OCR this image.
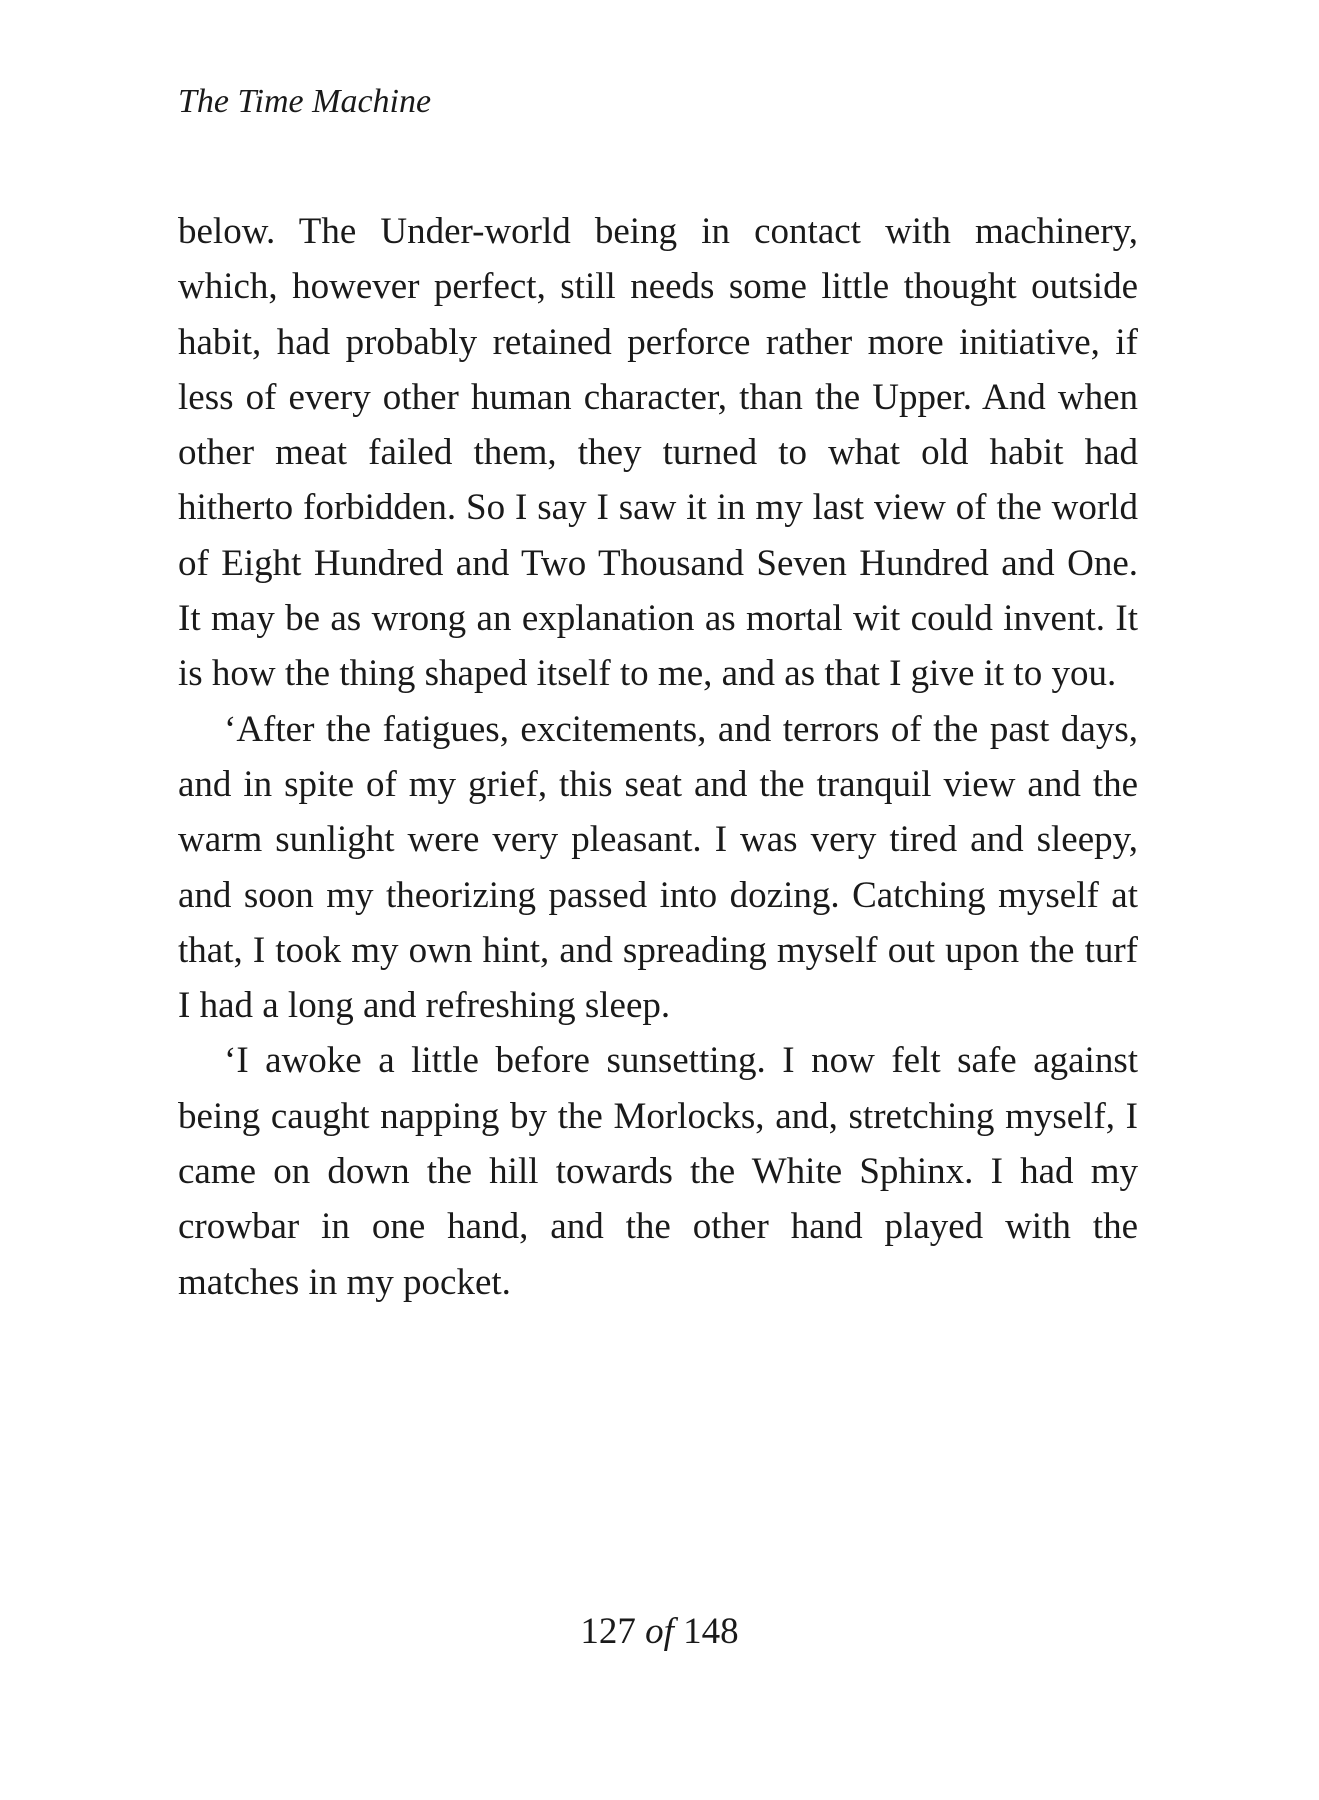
The Time Machine

below. The Under-world being in contact with machinery, which, however perfect, still needs some little thought outside habit, had probably retained perforce rather more initiative, if less of every other human character, than the Upper. And when other meat failed them, they turned to what old habit had hitherto forbidden. So I say I saw it in my last view of the world of Eight Hundred and Two Thousand Seven Hundred and One. It may be as wrong an explanation as mortal wit could invent. It is how the thing shaped itself to me, and as that I give it to you.

‘After the fatigues, excitements, and terrors of the past days, and in spite of my grief, this seat and the tranquil view and the warm sunlight were very pleasant. I was very tired and sleepy, and soon my theorizing passed into dozing. Catching myself at that, I took my own hint, and spreading myself out upon the turf I had a long and refreshing sleep.

‘I awoke a little before sunsetting. I now felt safe against being caught napping by the Morlocks, and, stretching myself, I came on down the hill towards the White Sphinx. I had my crowbar in one hand, and the other hand played with the matches in my pocket.

127 of 148
